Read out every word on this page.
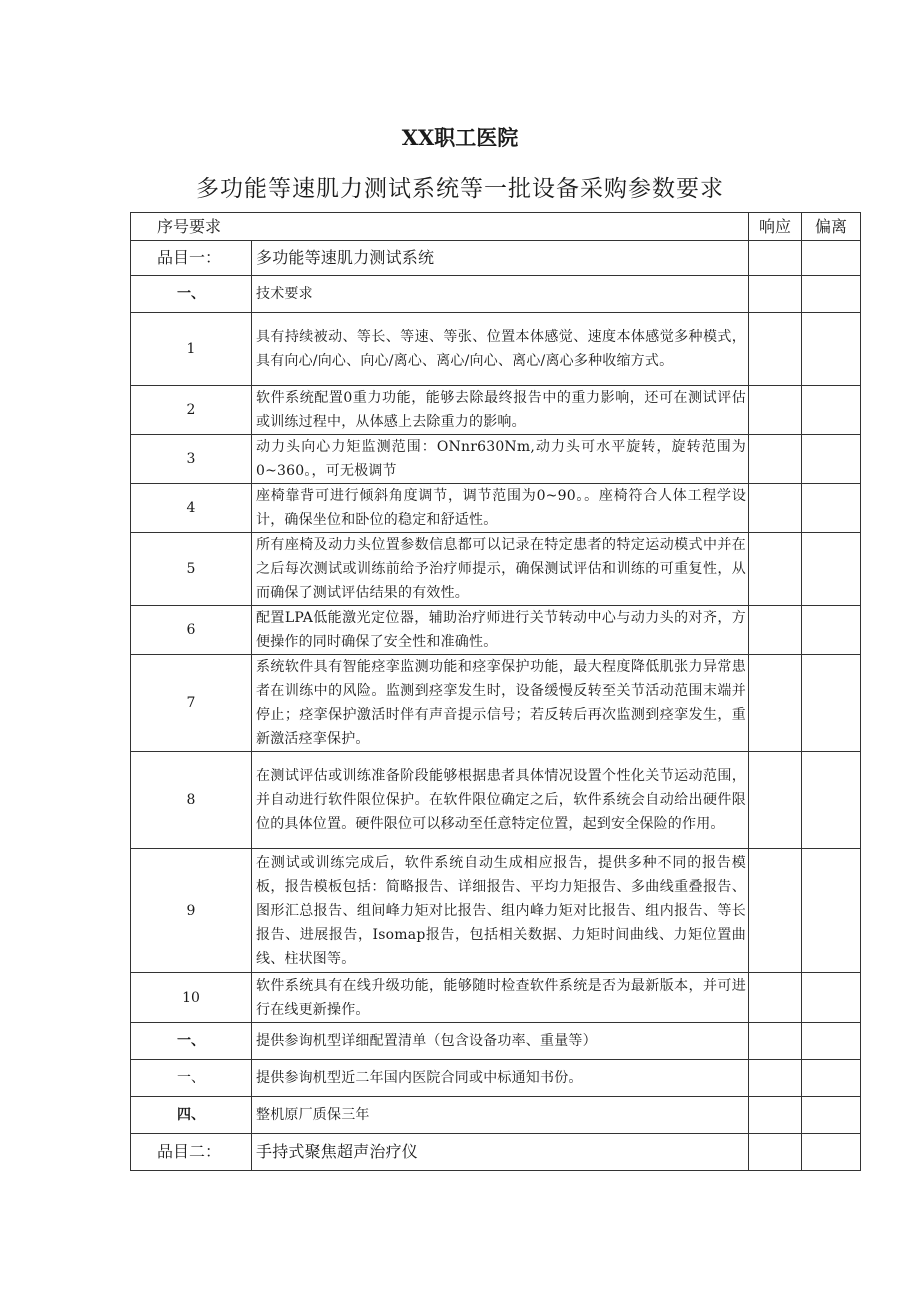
XX职工医院
多功能等速肌力测试系统等一批设备采购参数要求
序号要求		响应	偏离
品目一：	多功能等速肌力测试系统		
一、	技术要求		
1	具有持续被动、等长、等速、等张、位置本体感觉、速度本体感觉多种模式，具有向心/向心、向心/离心、离心/向心、离心/离心多种收缩方式。		
2	软件系统配置0重力功能，能够去除最终报告中的重力影响，还可在测试评估或训练过程中，从体感上去除重力的影响。		
3	动力头向心力矩监测范围：ONnr630Nm,动力头可水平旋转，旋转范围为0~360。，可无极调节		
4	座椅靠背可进行倾斜角度调节，调节范围为0~90。。座椅符合人体工程学设计，确保坐位和卧位的稳定和舒适性。		
5	所有座椅及动力头位置参数信息都可以记录在特定患者的特定运动模式中并在之后每次测试或训练前给予治疗师提示，确保测试评估和训练的可重复性，从而确保了测试评估结果的有效性。		
6	配置LPA低能激光定位器，辅助治疗师进行关节转动中心与动力头的对齐，方便操作的同时确保了安全性和准确性。		
7	系统软件具有智能痉挛监测功能和痉挛保护功能，最大程度降低肌张力异常患者在训练中的风险。监测到痉挛发生时，设备缓慢反转至关节活动范围末端并停止；痉挛保护激活时伴有声音提示信号；若反转后再次监测到痉挛发生，重新激活痉挛保护。		
8	在测试评估或训练准备阶段能够根据患者具体情况设置个性化关节运动范围，并自动进行软件限位保护。在软件限位确定之后，软件系统会自动给出硬件限位的具体位置。硬件限位可以移动至任意特定位置，起到安全保险的作用。		
9	在测试或训练完成后，软件系统自动生成相应报告，提供多种不同的报告模板，报告模板包括：简略报告、详细报告、平均力矩报告、多曲线重叠报告、图形汇总报告、组间峰力矩对比报告、组内峰力矩对比报告、组内报告、等长报告、进展报告，Isomap报告，包括相关数据、力矩时间曲线、力矩位置曲线、柱状图等。		
10	软件系统具有在线升级功能，能够随时检查软件系统是否为最新版本，并可进行在线更新操作。		
一、	提供参询机型详细配置清单（包含设备功率、重量等）		
一、	提供参询机型近二年国内医院合同或中标通知书份。		
四、	整机原厂质保三年		
品目二：	手持式聚焦超声治疗仪		
